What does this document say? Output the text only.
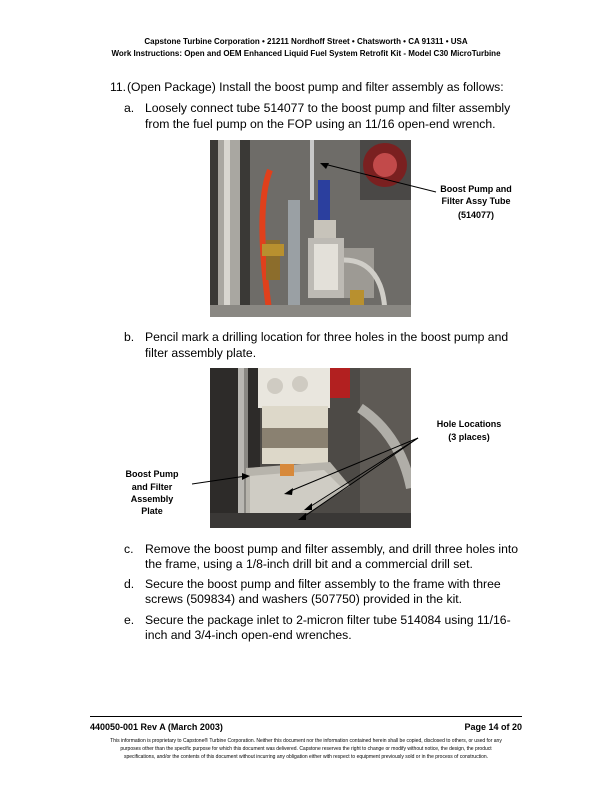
Capstone Turbine Corporation • 21211 Nordhoff Street • Chatsworth • CA 91311 • USA
Work Instructions: Open and OEM Enhanced Liquid Fuel System Retrofit Kit - Model C30 MicroTurbine
11. (Open Package) Install the boost pump and filter assembly as follows:
a. Loosely connect tube 514077 to the boost pump and filter assembly
from the fuel pump on the FOP using an 11/16 open-end wrench.
Boost Pump and
Filter Assy Tube
(514077)
b. Pencil mark a drilling location for three holes in the boost pump and
filter assembly plate.
Hole Locations
(3 places)
Boost Pump
and Filter
Assembly
Plate
c. Remove the boost pump and filter assembly, and drill three holes into
the frame, using a 1/8-inch drill bit and a commercial drill set.
d. Secure the boost pump and filter assembly to the frame with three
screws (509834) and washers (507750) provided in the kit.
e. Secure the package inlet to 2-micron filter tube 514084 using 11/16-
inch and 3/4-inch open-end wrenches.
440050-001 Rev A (March 2003)	Page 14 of 20
This information is proprietary to Capstone® Turbine Corporation. Neither this document nor the information contained herein shall be copied, disclosed to others, or used for any
purposes other than the specific purpose for which this document was delivered. Capstone reserves the right to change or modify without notice, the design, the product
specifications, and/or the contents of this document without incurring any obligation either with respect to equipment previously sold or in the process of construction.
